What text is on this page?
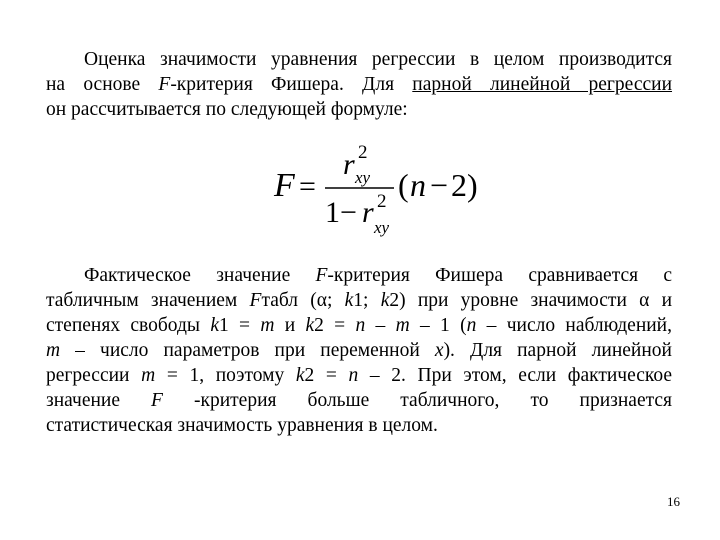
Оценка значимости уравнения регрессии в целом производится
на основе F-критерия Фишера. Для парной линейной регрессии
он рассчитывается по следующей формуле:
F =
r 2
xy
1 − r 2
xy
( n − 2 )
Фактическое значение F-критерия Фишера сравнивается с
табличным значением Fтабл (α; k1; k2) при уровне значимости α и
степенях свободы k1 = m и k2 = n – m – 1 (n – число наблюдений,
m – число параметров при переменной x). Для парной линейной
регрессии m = 1, поэтому k2 = n – 2. При этом, если фактическое
значение F -критерия больше табличного, то признается
статистическая значимость уравнения в целом.
16
